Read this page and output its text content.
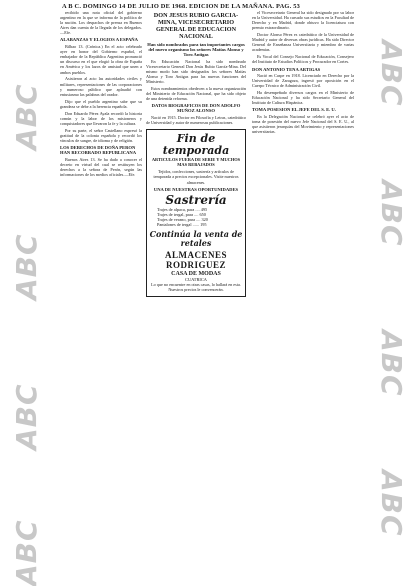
A B C. DOMINGO 14 DE JULIO DE 1968. EDICION DE LA MAÑANA. PAG. 53
ABC
ABC
ABC
ABC
ABC
ABC
ABC
ABC

recibido una nota oficial del gobierno argentino en la que se informa de la política de la nación. Los despachos de prensa en Buenos Aires dan cuenta de la llegada de los delegados.—Efe.

ALABANZAS Y ELOGIOS A ESPAÑA

Bilbao 13. (Crónica.) En el acto celebrado ayer en honor del Gobierno español, el embajador de la República Argentina pronunció un discurso en el que elogió la obra de España en América y los lazos de amistad que unen a ambos pueblos.

Asistieron al acto las autoridades civiles y militares, representaciones de las corporaciones y numeroso público que aplaudió con entusiasmo las palabras del orador.

Dijo que el pueblo argentino sabe que su grandeza se debe a la herencia española.

Don Eduardo Pérez Ayala recordó la historia común y la labor de los misioneros y conquistadores que llevaron la fe y la cultura.

Por su parte, el señor Castellano expresó la gratitud de la colonia española y recordó los vínculos de sangre, de idioma y de religión.

LOS DERECHOS DE DOÑA PERON HAN RECOBRADO REPUBLICANA

Buenos Aires 13. Se ha dado a conocer el decreto en virtud del cual se restituyen los derechos a la señora de Perón, según las informaciones de los medios oficiales.—Efe.

DON JESUS RUBIO GARCIA-MINA, VICESECRETARIO GENERAL DE EDUCACION NACIONAL

Han sido nombrados para tan importantes cargos del nuevo organismo los señores Matías Alonso y Toro Antigas

En Educación Nacional ha sido nombrado Vicesecretario General Don Jesús Rubio García-Mina. Del mismo modo han sido designados los señores Matías Alonso y Toro Antigas para las nuevas funciones del Ministerio.

Estos nombramientos obedecen a la nueva organización del Ministerio de Educación Nacional, que ha sido objeto de una detenida reforma.

DATOS BIOGRAFICOS DE DON ADOLFO MUÑOZ ALONSO

Nació en 1915. Doctor en Filosofía y Letras, catedrático de Universidad y autor de numerosas publicaciones.

Fin de temporada
ARTICULOS FUERA DE SERIE Y MUCHOS MAS REBAJADOS
Tejidos, confecciones, sastrería y artículos de temporada a precios excepcionales. Visite nuestros almacenes.
UNA DE NUESTRAS OPORTUNIDADES
Sastrería
Trajes de alpaca, para .... 495
Trajes de tergal, para .... 650
Trajes de verano, para .... 320
Pantalones de tergal ...... 195
Continúa la venta de retales
ALMACENES RODRIGUEZ
CASA DE MODAS
CUATRICA
Lo que no encuentre en otras casas, lo hallará en esta. Nuestros precios le convencerán.

el Vicesecretario General ha sido designado por su labor en la Universidad. Ha cursado sus estudios en la Facultad de Derecho y en Madrid, donde obtuvo la licenciatura con premio extraordinario.

Doctor Alonso Pérez es catedrático de la Universidad de Madrid y autor de diversas obras jurídicas. Ha sido Director General de Enseñanza Universitaria y miembro de varias academias.

Es Vocal del Consejo Nacional de Educación, Consejero del Instituto de Estudios Políticos y Procurador en Cortes.

DON ANTONIO TENA ARTIGAS

Nació en Caspe en 1918. Licenciado en Derecho por la Universidad de Zaragoza, ingresó por oposición en el Cuerpo Técnico de Administración Civil.

Ha desempeñado diversos cargos en el Ministerio de Educación Nacional y ha sido Secretario General del Instituto de Cultura Hispánica.

TOMA POSESION EL JEFE DEL S. E. U.

En la Delegación Nacional se celebró ayer el acto de toma de posesión del nuevo Jefe Nacional del S. E. U., al que asistieron jerarquías del Movimiento y representaciones universitarias.
